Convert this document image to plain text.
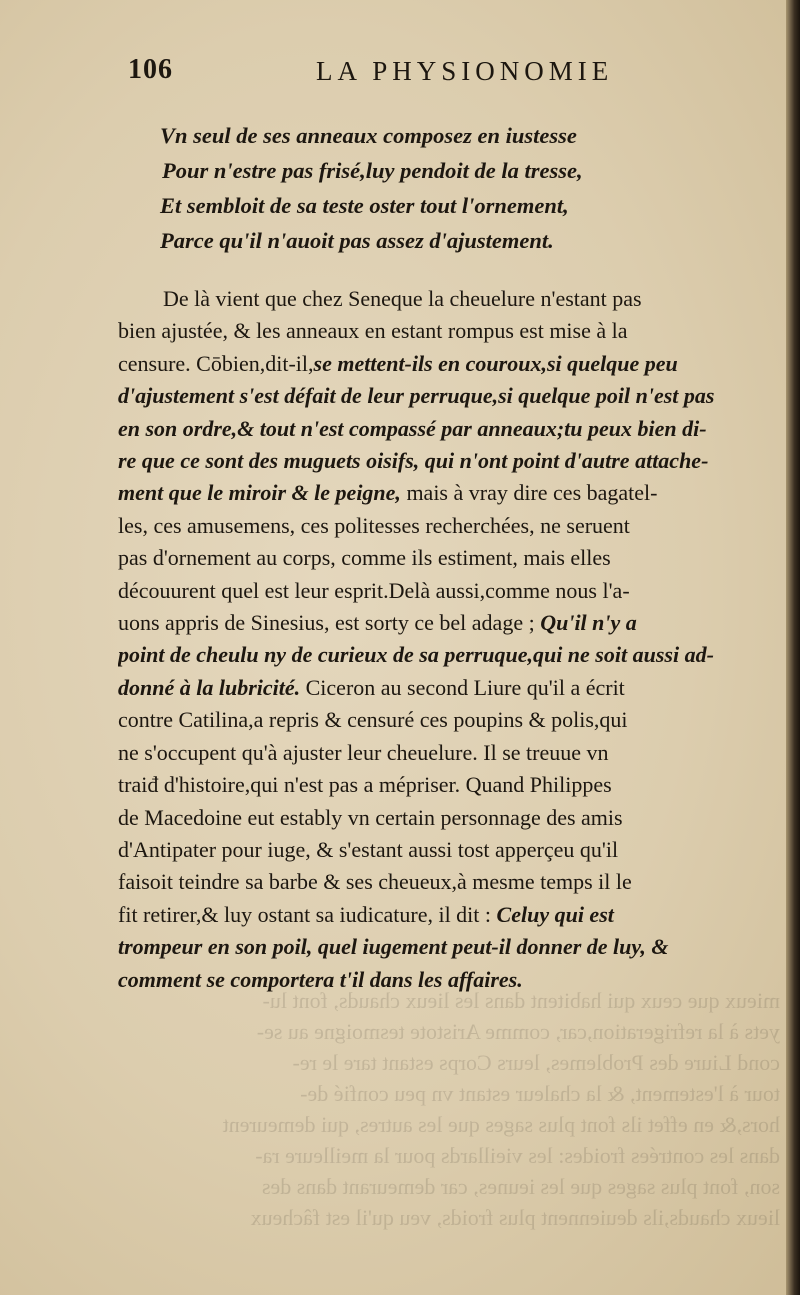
106	LA PHYSIONOMIE
Vn seul de ses anneaux composez en iustesse
Pour n'estre pas frisé,luy pendoit de la tresse,
Et sembloit de sa teste oster tout l'ornement,
Parce qu'il n'auoit pas assez d'ajustement.
De là vient que chez Seneque la cheuelure n'estant pas
bien ajustée, & les anneaux en estant rompus est mise à la
censure. Cōbien,dit-il,se mettent-ils en couroux,si quelque peu
d'ajustement s'est défait de leur perruque,si quelque poil n'est pas
en son ordre,& tout n'est compassé par anneaux;tu peux bien di-
re que ce sont des muguets oisifs, qui n'ont point d'autre attache-
ment que le miroir & le peigne, mais à vray dire ces bagatel-
les, ces amusemens, ces politesses recherchées, ne seruent
pas d'ornement au corps, comme ils estiment, mais elles
découurent quel est leur esprit.Delà aussi,comme nous l'a-
uons appris de Sinesius, est sorty ce bel adage ; Qu'il n'y a
point de cheulu ny de curieux de sa perruque,qui ne soit aussi ad-
donné à la lubricité. Ciceron au second Liure qu'il a écrit
contre Catilina,a repris & censuré ces poupins & polis,qui
ne s'occupent qu'à ajuster leur cheuelure. Il se treuue vn
traiđ d'histoire,qui n'est pas a mépriser. Quand Philippes
de Macedoine eut estably vn certain personnage des amis
d'Antipater pour iuge, & s'estant aussi tost apperçeu qu'il
faisoit teindre sa barbe & ses cheueux,à mesme temps il le
fit retirer,& luy ostant sa iudicature, il dit : Celuy qui est
trompeur en son poil, quel iugement peut-il donner de luy, &
comment se comportera t'il dans les affaires.
mieux que ceux qui habitent dans les lieux chauds, font lu-
yets à la refrigeration,car, comme Aristote tesmoigne au se-
cond Liure des Problemes, leurs Corps estant tare le re-
tour à l'estement, & la chaleur estant vn peu confié de-
hors,& en effet ils font plus sages que les autres, qui demeurent
dans les contrées froides: les vieillards pour la meilleure ra-
son, font plus sages que les ieunes, car demeurant dans des
lieux chauds,ils deuiennent plus froids, veu qu'il est fâcheux
